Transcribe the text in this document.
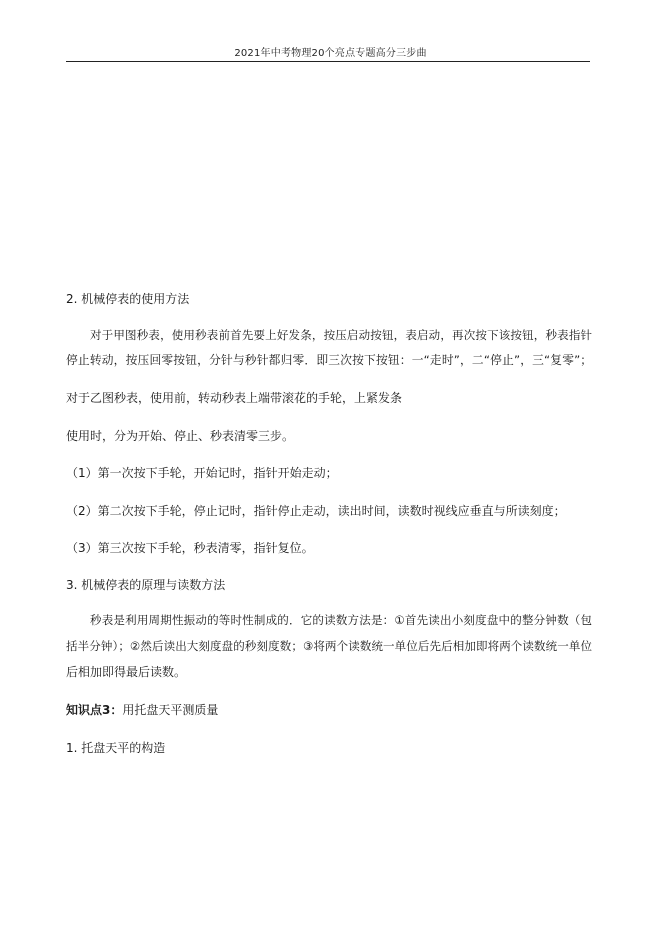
2021年中考物理20个亮点专题高分三步曲
2. 机械停表的使用方法
对于甲图秒表，使用秒表前首先要上好发条，按压启动按钮，表启动，再次按下该按钮，秒表指针
停止转动，按压回零按钮，分针与秒针都归零．即三次按下按钮：一“走时”，二“停止”，三“复零”；
对于乙图秒表，使用前，转动秒表上端带滚花的手轮，上紧发条
使用时，分为开始、停止、秒表清零三步。
（1）第一次按下手轮，开始记时，指针开始走动；
（2）第二次按下手轮，停止记时，指针停止走动，读出时间，读数时视线应垂直与所读刻度；
（3）第三次按下手轮，秒表清零，指针复位。
3. 机械停表的原理与读数方法
秒表是利用周期性振动的等时性制成的．它的读数方法是：①首先读出小刻度盘中的整分钟数（包
括半分钟）；②然后读出大刻度盘的秒刻度数；③将两个读数统一单位后先后相加即将两个读数统一单位
后相加即得最后读数。
知识点3：用托盘天平测质量
1. 托盘天平的构造
